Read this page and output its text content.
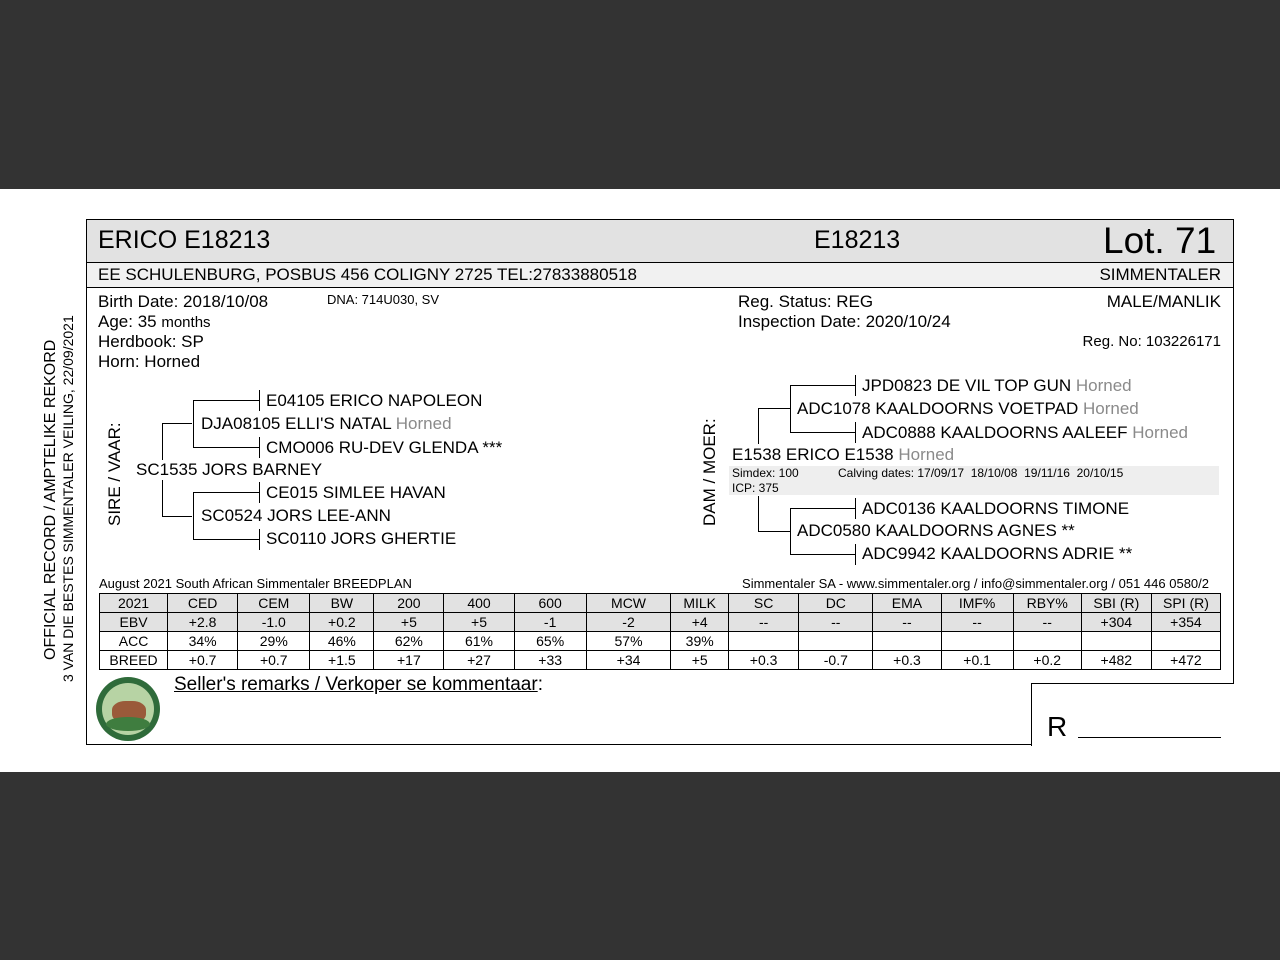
OFFICIAL RECORD / AMPTELIKE REKORD 3 VAN DIE BESTES SIMMENTALER VEILING, 22/09/2021
ERICO E18213	E18213	Lot. 71
EE SCHULENBURG, POSBUS 456 COLIGNY 2725 TEL:27833880518	SIMMENTALER
Birth Date: 2018/10/08	DNA: 714U030, SV
Age: 35 months
Herdbook: SP
Horn: Horned
Reg. Status: REG
Inspection Date: 2020/10/24
MALE/MANLIK
Reg. No: 103226171
SIRE / VAAR:
E04105 ERICO NAPOLEON
DJA08105 ELLI'S NATAL Horned
CMO006 RU-DEV GLENDA ***
SC1535 JORS BARNEY
CE015 SIMLEE HAVAN
SC0524 JORS LEE-ANN
SC0110 JORS GHERTIE
DAM / MOER:
JPD0823 DE VIL TOP GUN Horned
ADC1078 KAALDOORNS VOETPAD Horned
ADC0888 KAALDOORNS AALEEF Horned
E1538 ERICO E1538 Horned
Simdex: 100	Calving dates: 17/09/17  18/10/08  19/11/16  20/10/15
ICP: 375
ADC0136 KAALDOORNS TIMONE
ADC0580 KAALDOORNS AGNES **
ADC9942 KAALDOORNS ADRIE **
August 2021 South African Simmentaler BREEDPLAN	Simmentaler SA - www.simmentaler.org / info@simmentaler.org / 051 446 0580/2
2021	CED	CEM	BW	200	400	600	MCW	MILK	SC	DC	EMA	IMF%	RBY%	SBI (R)	SPI (R)
EBV	+2.8	-1.0	+0.2	+5	+5	-1	-2	+4	--	--	--	--	--	+304	+354
ACC	34%	29%	46%	62%	61%	65%	57%	39%							
BREED	+0.7	+0.7	+1.5	+17	+27	+33	+34	+5	+0.3	-0.7	+0.3	+0.1	+0.2	+482	+472
Seller's remarks / Verkoper se kommentaar:
R
